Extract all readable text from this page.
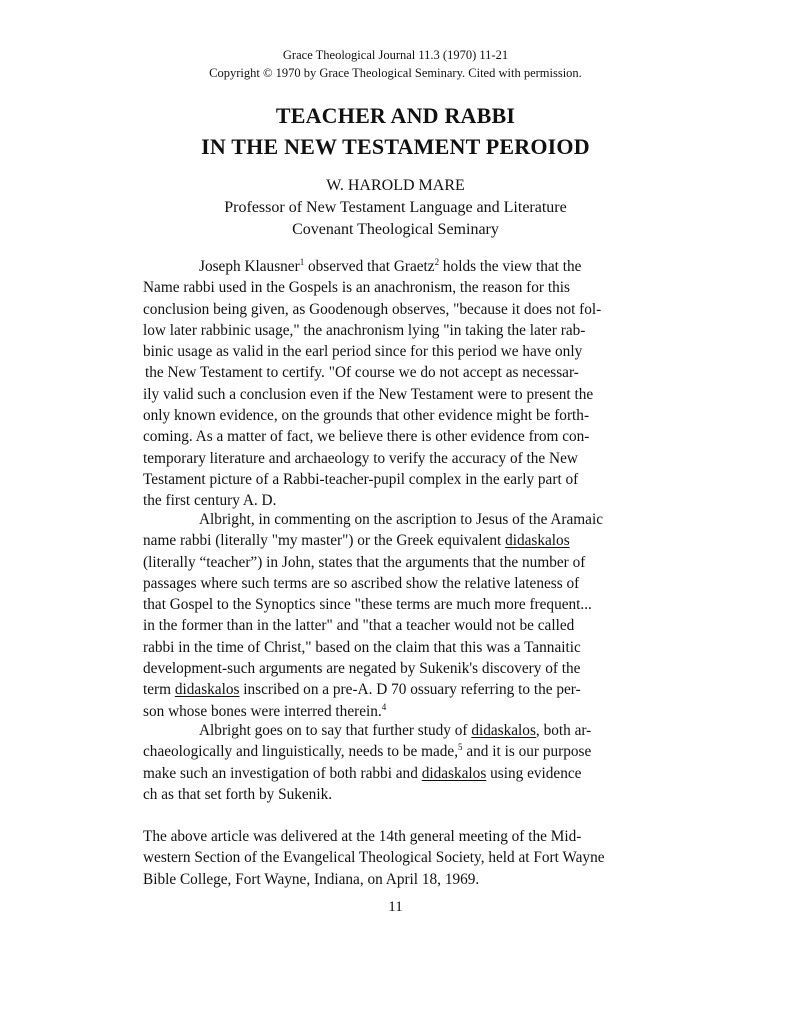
Grace Theological Journal 11.3 (1970) 11-21
Copyright © 1970 by Grace Theological Seminary. Cited with permission.
TEACHER AND RABBI
IN THE NEW TESTAMENT PEROIOD
W. HAROLD MARE
Professor of New Testament Language and Literature
Covenant Theological Seminary
Joseph Klausner$^1$ observed that Graetz$^2$ holds the view that the
Name rabbi used in the Gospels is an anachronism, the reason for this
conclusion being given, as Goodenough observes, "because it does not fol-
low later rabbinic usage," the anachronism lying "in taking the later rab-
binic usage as valid in the earl period since for this period we have only
the New Testament to certify. "Of course we do not accept as necessar-
ily valid such a conclusion even if the New Testament were to present the
only known evidence, on the grounds that other evidence might be forth-
coming. As a matter of fact, we believe there is other evidence from con-
temporary literature and archaeology to verify the accuracy of the New
Testament picture of a Rabbi-teacher-pupil complex in the early part of
the first century A. D.
Albright, in commenting on the ascription to Jesus of the Aramaic
name rabbi (literally "my master") or the Greek equivalent didaskalos
(literally “teacher”) in John, states that the arguments that the number of
passages where such terms are so ascribed show the relative lateness of
that Gospel to the Synoptics since "these terms are much more frequent...
in the former than in the latter" and "that a teacher would not be called
rabbi in the time of Christ," based on the claim that this was a Tannaitic
development-such arguments are negated by Sukenik's discovery of the
term didaskalos inscribed on a pre-A. D 70 ossuary referring to the per-
son whose bones were interred therein.$^4$
Albright goes on to say that further study of didaskalos, both ar-
chaeologically and linguistically, needs to be made,$^5$ and it is our purpose
make such an investigation of both rabbi and didaskalos using evidence
ch as that set forth by Sukenik.
The above article was delivered at the 14th general meeting of the Mid-
western Section of the Evangelical Theological Society, held at Fort Wayne
Bible College, Fort Wayne, Indiana, on April 18, 1969.
11
